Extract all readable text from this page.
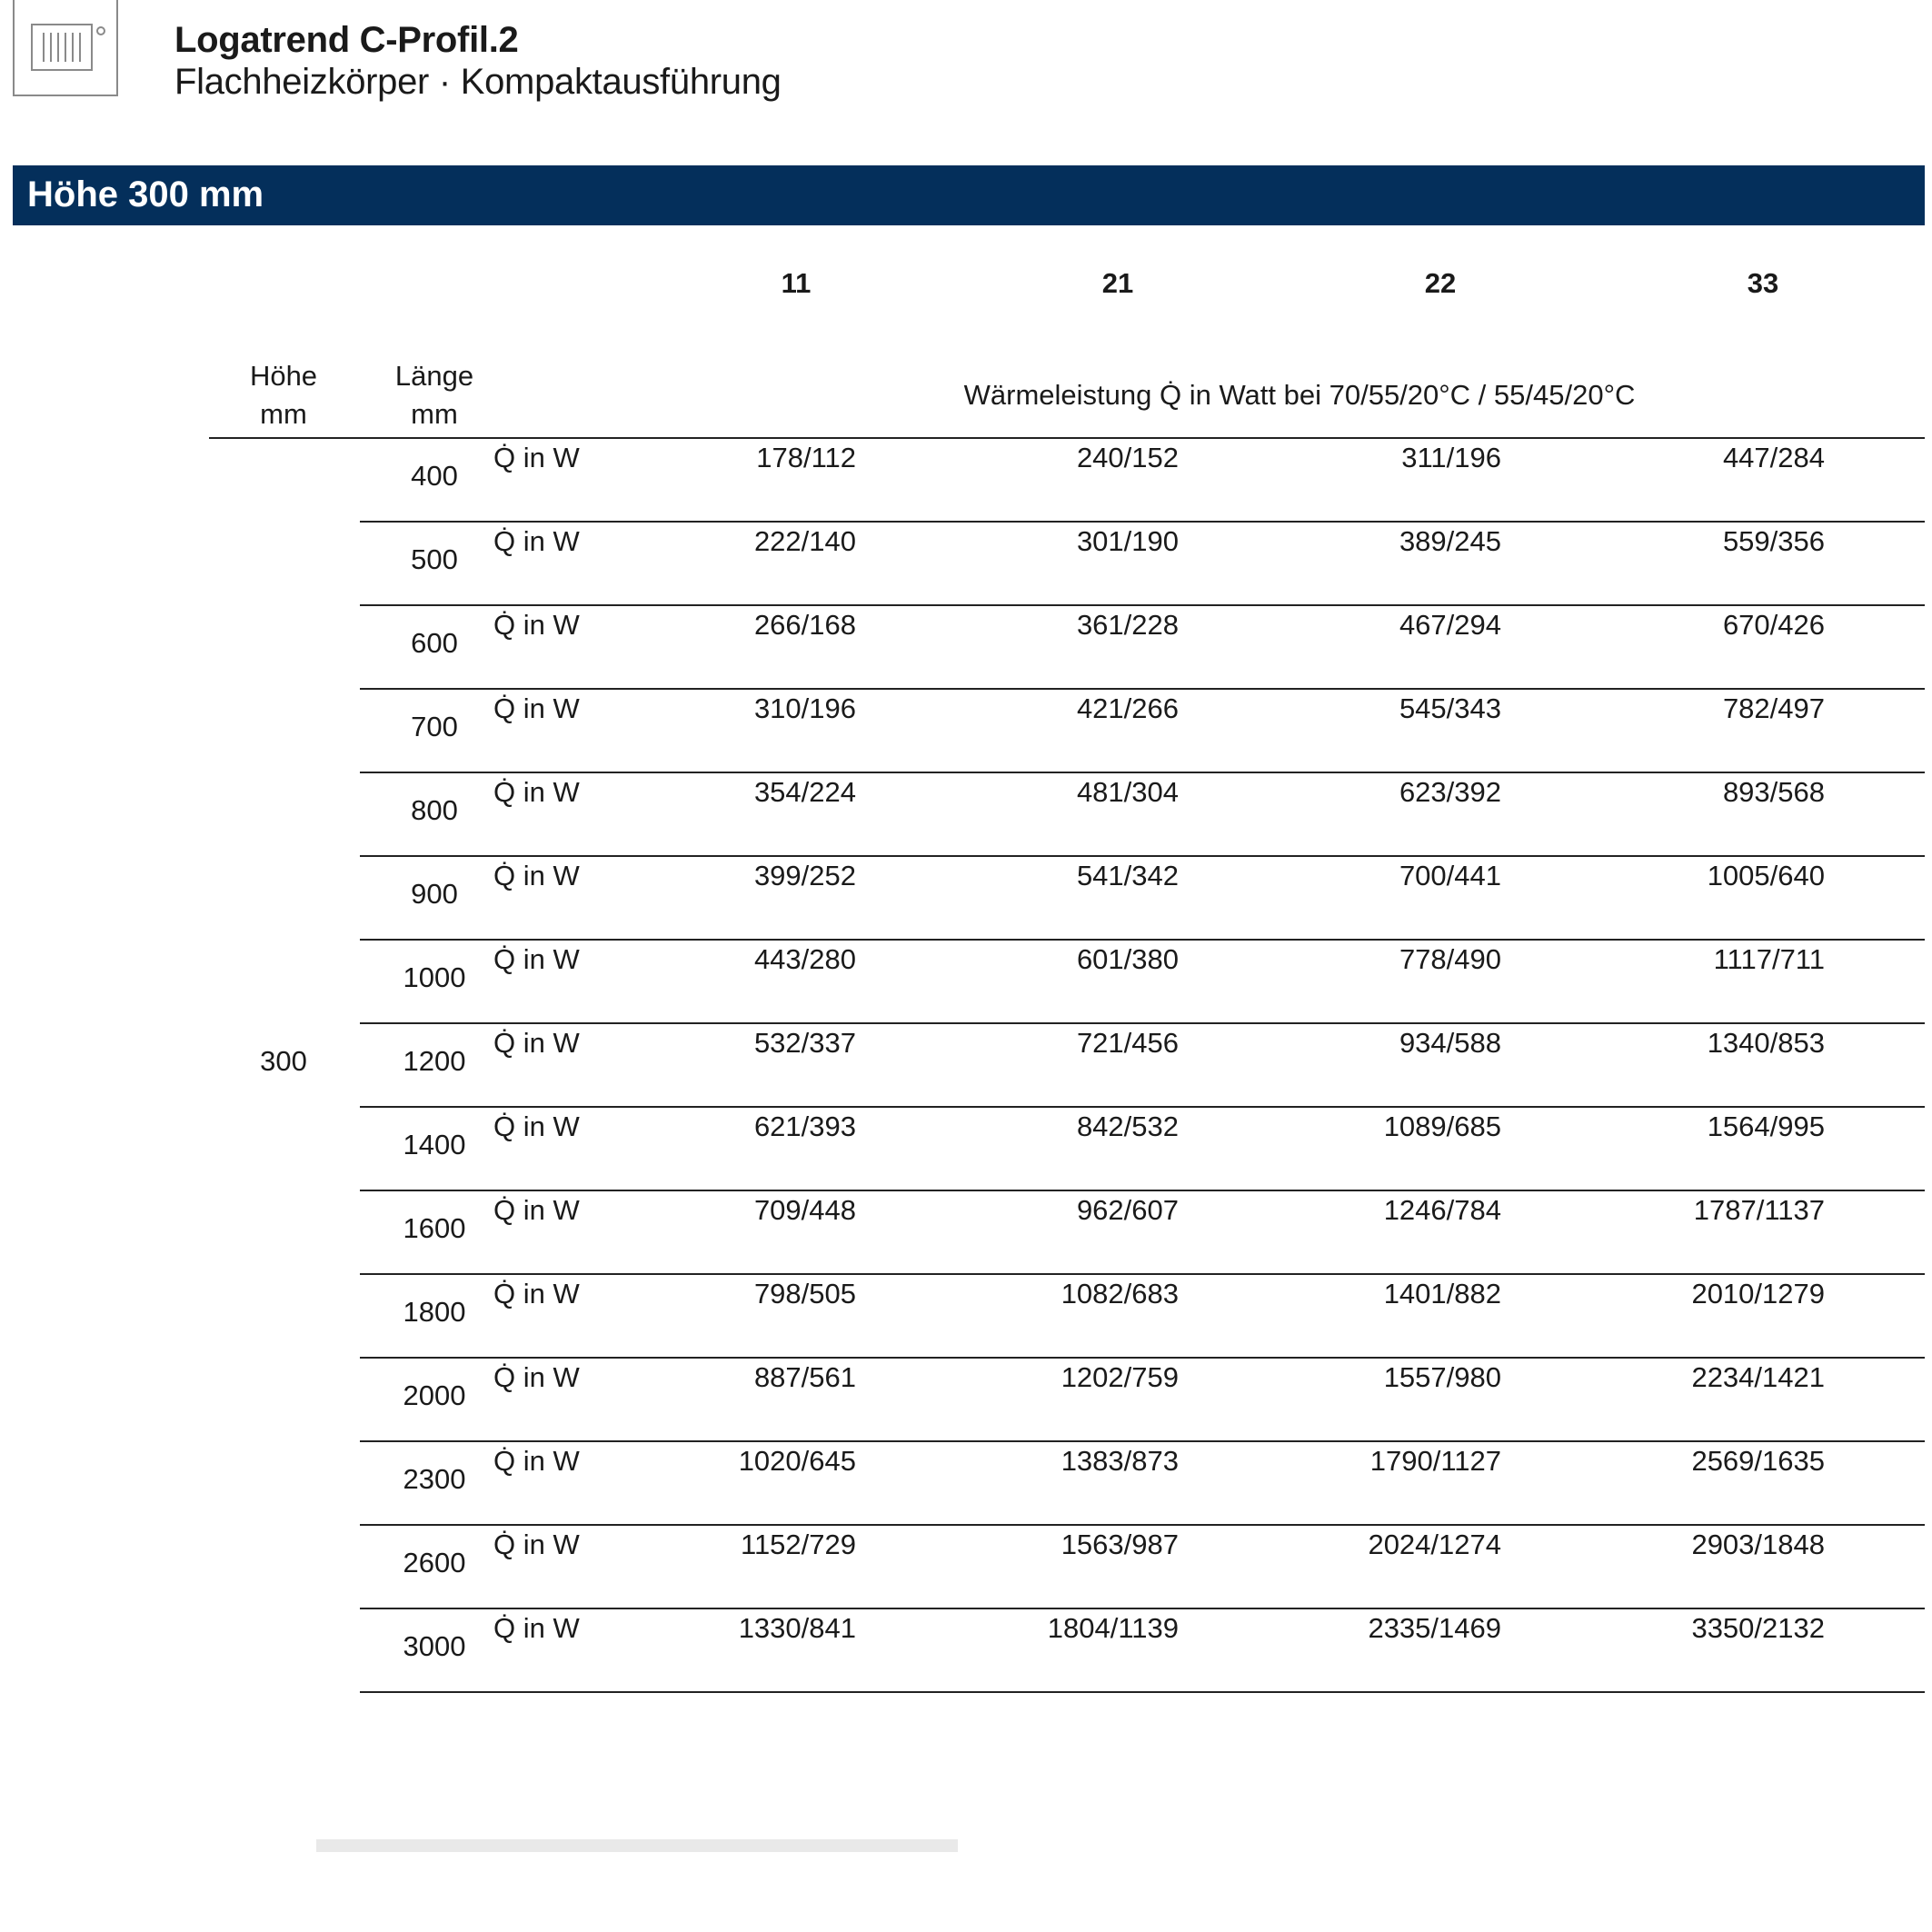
Logatrend C-Profil.2
Flachheizkörper · Kompaktausführung
Höhe 300 mm
11	21	22	33
Höhe
mm
Länge
mm
Wärmeleistung Q̇ in Watt bei 70/55/20°C / 55/45/20°C
300
400
Q̇ in W	178/112	240/152	311/196	447/284
500
Q̇ in W	222/140	301/190	389/245	559/356
600
Q̇ in W	266/168	361/228	467/294	670/426
700
Q̇ in W	310/196	421/266	545/343	782/497
800
Q̇ in W	354/224	481/304	623/392	893/568
900
Q̇ in W	399/252	541/342	700/441	1005/640
1000
Q̇ in W	443/280	601/380	778/490	1117/711
1200
Q̇ in W	532/337	721/456	934/588	1340/853
1400
Q̇ in W	621/393	842/532	1089/685	1564/995
1600
Q̇ in W	709/448	962/607	1246/784	1787/1137
1800
Q̇ in W	798/505	1082/683	1401/882	2010/1279
2000
Q̇ in W	887/561	1202/759	1557/980	2234/1421
2300
Q̇ in W	1020/645	1383/873	1790/1127	2569/1635
2600
Q̇ in W	1152/729	1563/987	2024/1274	2903/1848
3000
Q̇ in W	1330/841	1804/1139	2335/1469	3350/2132
